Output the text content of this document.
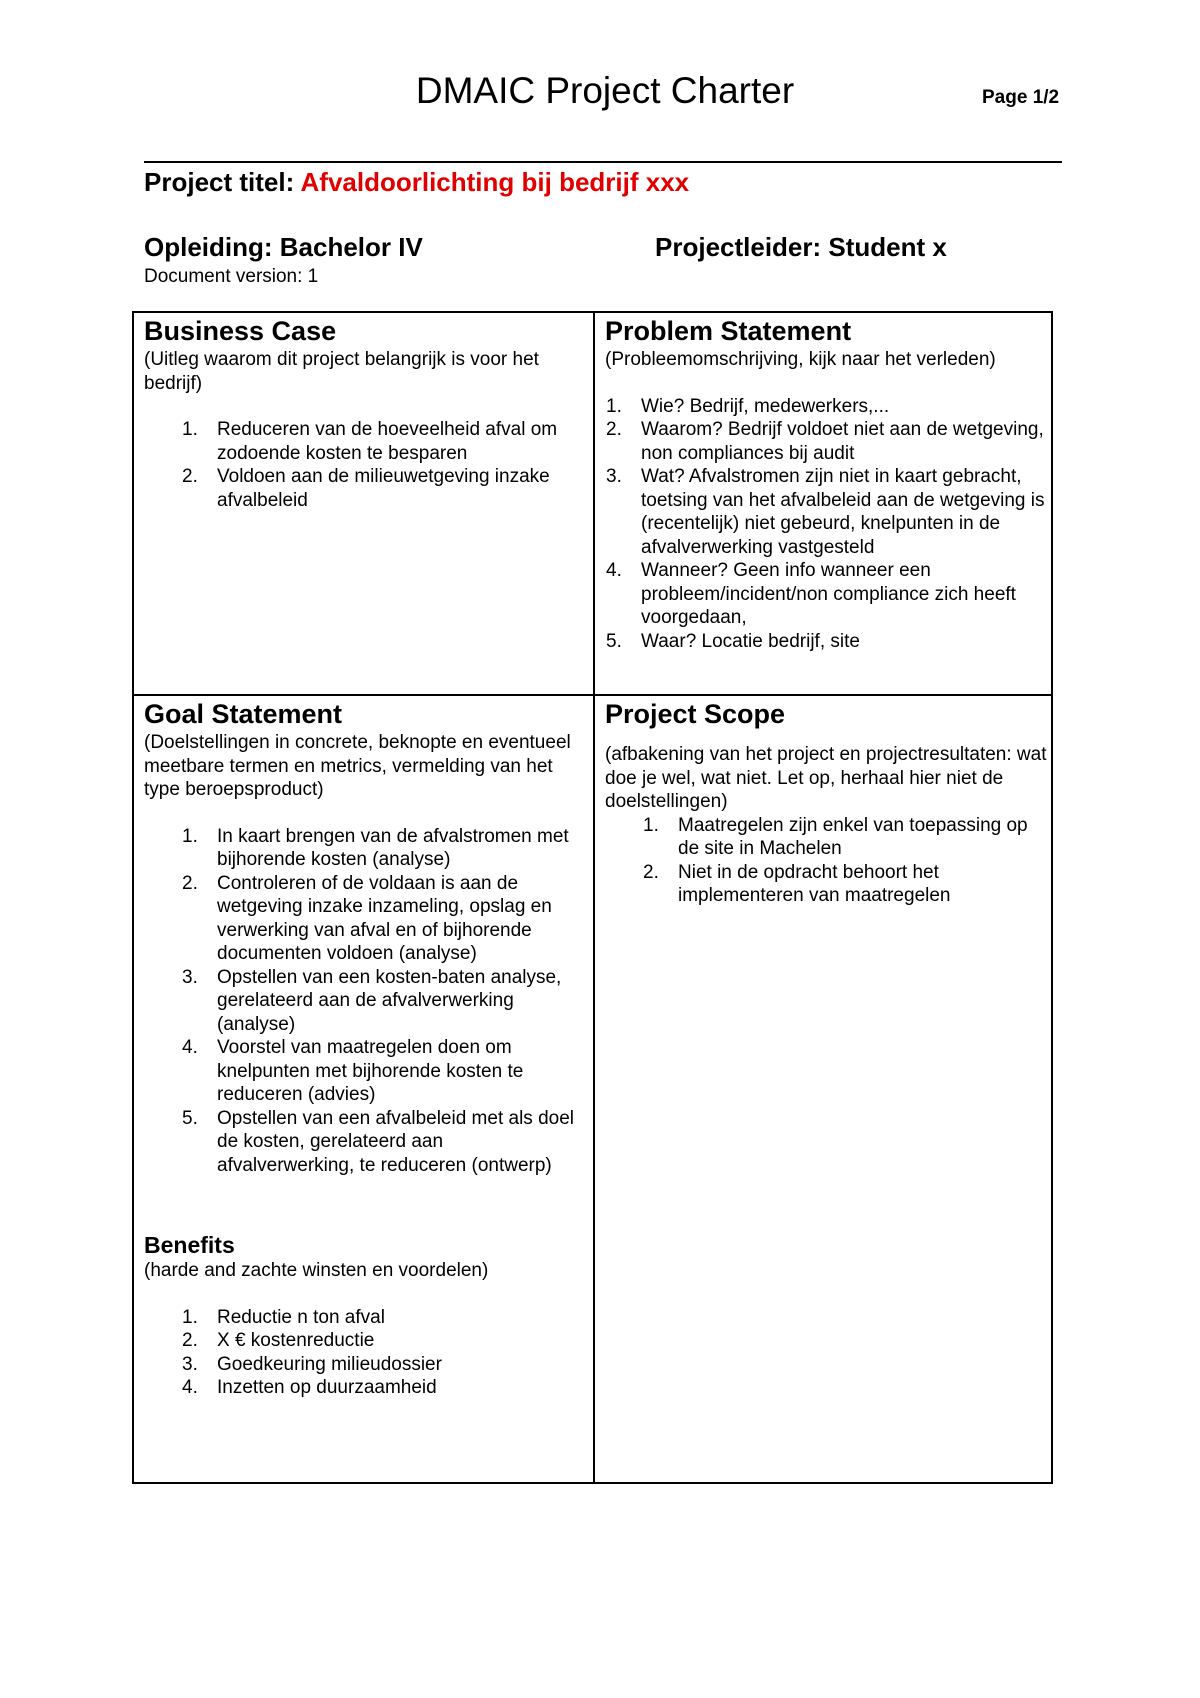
DMAIC Project Charter	Page 1/2
Project titel: Afvaldoorlichting bij bedrijf xxx
Opleiding: Bachelor IV	Projectleider: Student x
Document version: 1
Business Case

(Uitleg waarom dit project belangrijk is voor het bedrijf)

1.	Reduceren van de hoeveelheid afval om zodoende kosten te besparen
2.	Voldoen aan de milieuwetgeving inzake afvalbeleid
Problem Statement

(Probleemomschrijving, kijk naar het verleden)

1.	Wie? Bedrijf, medewerkers,...
2.	Waarom? Bedrijf voldoet niet aan de wetgeving, non compliances bij audit
3.	Wat? Afvalstromen zijn niet in kaart gebracht, toetsing van het afvalbeleid aan de wetgeving is (recentelijk) niet gebeurd, knelpunten in de afvalverwerking vastgesteld
4.	Wanneer? Geen info wanneer een probleem/incident/non compliance zich heeft voorgedaan,
5.	Waar? Locatie bedrijf, site
Goal Statement

(Doelstellingen in concrete, beknopte en eventueel meetbare termen en metrics, vermelding van het type beroepsproduct)

1.	In kaart brengen van de afvalstromen met bijhorende kosten (analyse)
2.	Controleren of de voldaan is aan de wetgeving inzake inzameling, opslag en verwerking van afval en of bijhorende documenten voldoen (analyse)
3.	Opstellen van een kosten-baten analyse, gerelateerd aan de afvalverwerking (analyse)
4.	Voorstel van maatregelen doen om knelpunten met bijhorende kosten te reduceren (advies)
5.	Opstellen van een afvalbeleid met als doel de kosten, gerelateerd aan afvalverwerking, te reduceren (ontwerp)
Benefits

(harde and zachte winsten en voordelen)

1.	Reductie n ton afval
2.	X € kostenreductie
3.	Goedkeuring milieudossier
4.	Inzetten op duurzaamheid
Project Scope

(afbakening van het project en projectresultaten: wat doe je wel, wat niet. Let op, herhaal hier niet de doelstellingen)

1.	Maatregelen zijn enkel van toepassing op de site in Machelen
2.	Niet in de opdracht behoort het implementeren van maatregelen
